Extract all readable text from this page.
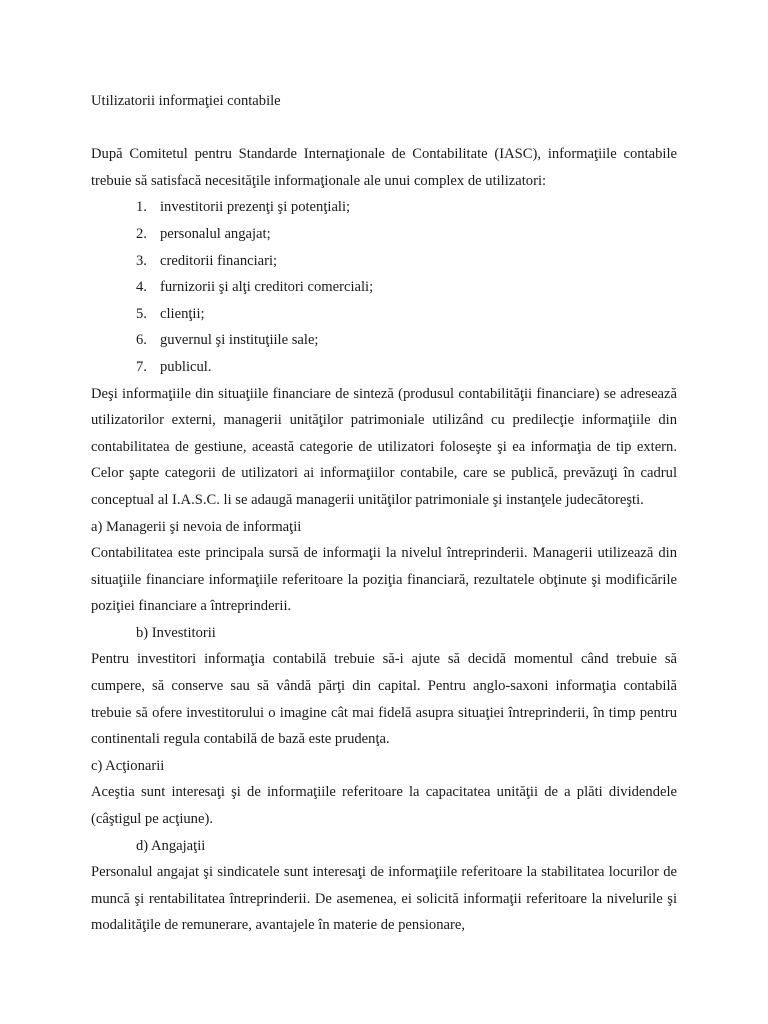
Utilizatorii informaţiei contabile

După Comitetul pentru Standarde Internaţionale de Contabilitate (IASC), informaţiile contabile trebuie să satisfacă necesităţile informaţionale ale unui complex de utilizatori:

1. investitorii prezenţi şi potenţiali;
2. personalul angajat;
3. creditorii financiari;
4. furnizorii şi alţi creditori comerciali;
5. clienţii;
6. guvernul şi instituţiile sale;
7. publicul.

Deşi informaţiile din situaţiile financiare de sinteză (produsul contabilităţii financiare) se adresează utilizatorilor externi, managerii unităţilor patrimoniale utilizând cu predilecţie informaţiile din contabilitatea de gestiune, această categorie de utilizatori foloseşte şi ea informaţia de tip extern. Celor şapte categorii de utilizatori ai informaţiilor contabile, care se publică, prevăzuţi în cadrul conceptual al I.A.S.C. li se adaugă managerii unităţilor patrimoniale şi instanţele judecătoreşti.

a) Managerii şi nevoia de informaţii

Contabilitatea este principala sursă de informaţii la nivelul întreprinderii. Managerii utilizează din situaţiile financiare informaţiile referitoare la poziţia financiară, rezultatele obţinute şi modificările poziţiei financiare a întreprinderii.

b) Investitorii

Pentru investitori informaţia contabilă trebuie să-i ajute să decidă momentul când trebuie să cumpere, să conserve sau să vândă părţi din capital. Pentru anglo-saxoni informaţia contabilă trebuie să ofere investitorului o imagine cât mai fidelă asupra situaţiei întreprinderii, în timp pentru continentali regula contabilă de bază este prudenţa.

c) Acţionarii

Aceştia sunt interesaţi şi de informaţiile referitoare la capacitatea unităţii de a plăti dividendele (câştigul pe acţiune).

d) Angajaţii

Personalul angajat şi sindicatele sunt interesaţi de informaţiile referitoare la stabilitatea locurilor de muncă şi rentabilitatea întreprinderii. De asemenea, ei solicită informaţii referitoare la nivelurile şi modalităţile de remunerare, avantajele în materie de pensionare,
